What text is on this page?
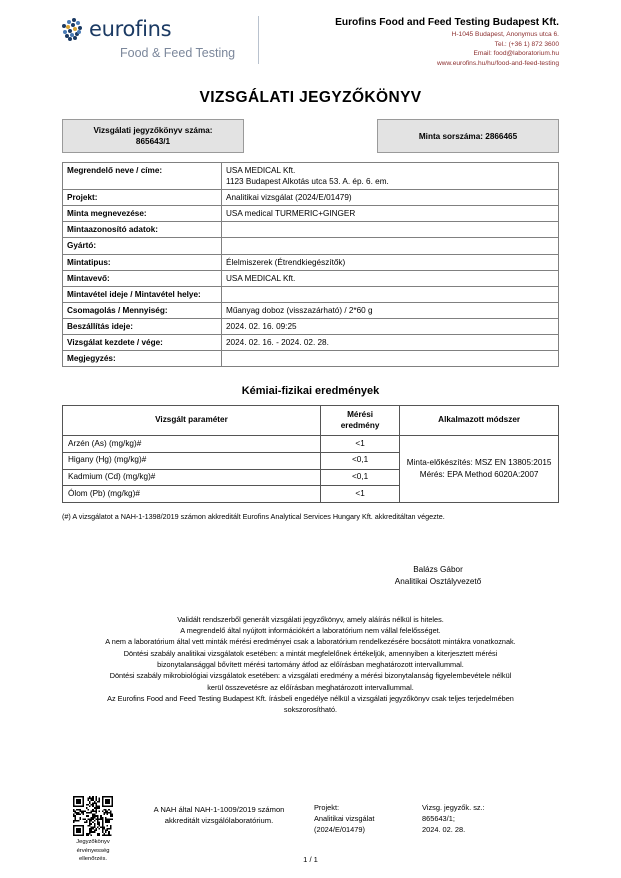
eurofins
Food & Feed Testing
Eurofins Food and Feed Testing Budapest Kft.
H-1045 Budapest, Anonymus utca 6.
Tel.: (+36 1) 872 3600
Email: food@laboratorium.hu
www.eurofins.hu/hu/food-and-feed-testing
VIZSGÁLATI JEGYZŐKÖNYV
Vizsgálati jegyzőkönyv száma:
865643/1
Minta sorszáma: 2866465
Megrendelő neve / címe:	USA MEDICAL Kft.
1123 Budapest Alkotás utca 53. A. ép. 6. em.

Projekt:	Analitikai vizsgálat (2024/E/01479)

Minta megnevezése:	USA medical TURMERIC+GINGER

Mintaazonosító adatok:	

Gyártó:	

Mintatipus:	Élelmiszerek (Étrendkiegészítők)

Mintavevő:	USA MEDICAL Kft.

Mintavétel ideje / Mintavétel helye:	

Csomagolás / Mennyiség:	Műanyag doboz (visszazárható) / 2*60 g

Beszállítás ideje:	2024. 02. 16. 09:25

Vizsgálat kezdete / vége:	2024. 02. 16. - 2024. 02. 28.

Megjegyzés:	

Kémiai-fizikai eredmények
Vizsgált paraméter	Mérési
eredmény	Alkalmazott módszer
Arzén (As) (mg/kg)#	<1	Minta-előkészítés: MSZ EN 13805:2015
Mérés: EPA Method 6020A:2007

Higany (Hg) (mg/kg)#	<0,1	
Kadmium (Cd) (mg/kg)#	<0,1	
Ólom (Pb) (mg/kg)#	<1	
(#) A vizsgálatot a NAH-1-1398/2019 számon akkreditált Eurofins Analytical Services Hungary Kft. akkreditáltan végezte.
Balázs Gábor
Analitikai Osztályvezető

Validált rendszerből generált vizsgálati jegyzőkönyv, amely aláírás nélkül is hiteles.

A megrendelő által nyújtott információkért a laboratórium nem vállal felelősséget.

A nem a laboratórium által vett minták mérési eredményei csak a laboratórium rendelkezésére bocsátott mintákra vonatkoznak.

Döntési szabály analitikai vizsgálatok esetében: a mintát megfelelőnek értékeljük, amennyiben a kiterjesztett mérési

bizonytalansággal bővített mérési tartomány átfod az előírásban meghatározott intervallummal.

Döntési szabály mikrobiológiai vizsgálatok esetében: a vizsgálati eredmény a mérési bizonytalanság figyelembevétele nélkül

kerül összevetésre az előírásban meghatározott intervallummal.

Az Eurofins Food and Feed Testing Budapest Kft. írásbeli engedélye nélkül a vizsgálati jegyzőkönyv csak teljes terjedelmében

sokszorosítható.

Jegyzőkönyv
érvényesség
ellenőrzés.
A NAH által NAH-1-1009/2019 számon
akkreditált vizsgálólaboratórium.
Projekt:
Analitikai vizsgálat
(2024/E/01479)
Vizsg. jegyzők. sz.:
865643/1;
2024. 02. 28.
1 / 1
